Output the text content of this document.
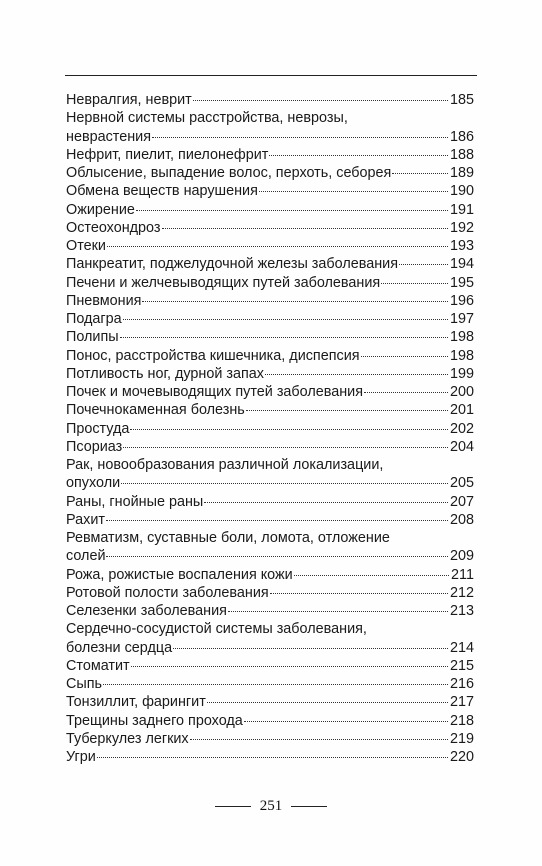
Невралгия, неврит	185
Нервной системы расстройства, неврозы,
неврастения	186
Нефрит, пиелит, пиелонефрит	188
Облысение, выпадение волос, перхоть, себорея	189
Обмена веществ нарушения	190
Ожирение	191
Остеохондроз	192
Отеки	193
Панкреатит, поджелудочной железы заболевания	194
Печени и желчевыводящих путей заболевания	195
Пневмония	196
Подагра	197
Полипы	198
Понос, расстройства кишечника, диспепсия	198
Потливость ног, дурной запах	199
Почек и мочевыводящих путей заболевания	200
Почечнокаменная болезнь	201
Простуда	202
Псориаз	204
Рак, новообразования различной локализации,
опухоли	205
Раны, гнойные раны	207
Рахит	208
Ревматизм, суставные боли, ломота, отложение
солей	209
Рожа, рожистые воспаления кожи	211
Ротовой полости заболевания	212
Селезенки заболевания	213
Сердечно-сосудистой системы заболевания,
болезни сердца	214
Стоматит	215
Сыпь	216
Тонзиллит, фарингит	217
Трещины заднего прохода	218
Туберкулез легких	219
Угри	220
251
